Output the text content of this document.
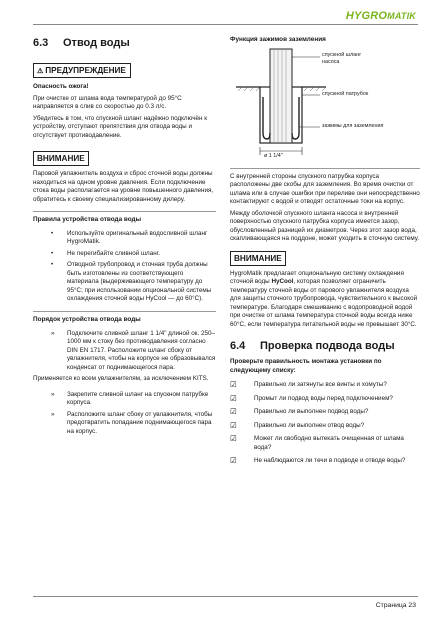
HYGROMATIK
6.3	Отвод воды
⚠ ПРЕДУПРЕЖДЕНИЕ

Опасность ожога!

При очистке от шлама вода температурой до 95°C направляется в слив со скоростью до 0.3 л/с.

Убедитесь в том, что спускной шланг надёжно подключён к устройству, отступают препятствия для отвода воды и отсутствует противодавление.

ВНИМАНИЕ

Паровой увлажнитель воздуха и сброс сточной воды должны находиться на одном уровне давления. Если подключение стока воды располагается на уровне повышенного давления, обратитесь к своему специализированному дилеру.

Правила устройства отвода воды
• Используйте оригинальный водосливной шланг HygroMatik.
• Не перегибайте сливной шланг.
• Отводной трубопровод и сточная труба должны быть изготовлены из соответствующего материала (выдерживающего температуру до 95°C; при использовании опциональной системы охлаждения сточной воды HyCool — до 60°C).
Порядок устройства отвода воды
» Подключите сливной шланг 1 1/4" длиной ок. 250–1000 мм к стоку без противодавления согласно DIN EN 1717. Расположите шланг сбоку от увлажнителя, чтобы на корпусе не образовывался конденсат от поднимающегося пара.

Применяется ко всем увлажнителям, за исключением KITS.

» Закрепите сливной шланг на спускном патрубке корпуса.
» Расположите шланг сбоку от увлажнителя, чтобы предотвратить попадание поднимающегося пара на корпус.
Функция зажимов заземления
спускной шланг
насоса
спускной патрубок
зажимы для заземления
ø 1 1/4"

С внутренней стороны спускного патрубка корпуса расположены две скобы для заземления. Во время очистки от шлама или в случае ошибки при переливе они непосредственно контактируют с водой и отводят остаточные токи на корпус.

Между оболочкой спускного шланга насоса и внутренней поверхностью спускного патрубка корпуса имеется зазор, обусловленный разницей их диаметров. Через этот зазор вода, скапливающаяся на поддоне, может уходить в сточную систему.

ВНИМАНИЕ

HygroMatik предлагает опциональную систему охлаждения сточной воды HyCool, которая позволяет ограничить температуру сточной воды от парового увлажнителя воздуха для защиты сточного трубопровода, чувствительного к высокой температуре. Благодаря смешиванию с водопроводной водой при очистке от шлама температура сточной воды всегда ниже 60°C, если температура питательной воды не превышает 30°C.

6.4	Проверка подвода воды

Проверьте правильность монтажа установки по следующему списку:

☑	Правильно ли затянуты все винты и хомуты?
☑	Промыт ли подвод воды перед подключением?
☑	Правильно ли выполнен подвод воды?
☑	Правильно ли выполнен отвод воды?
☑	Может ли свободно вытекать очищенная от шлама вода?
☑	Не наблюдаются ли течи в подводе и отводе воды?
Страница 23
